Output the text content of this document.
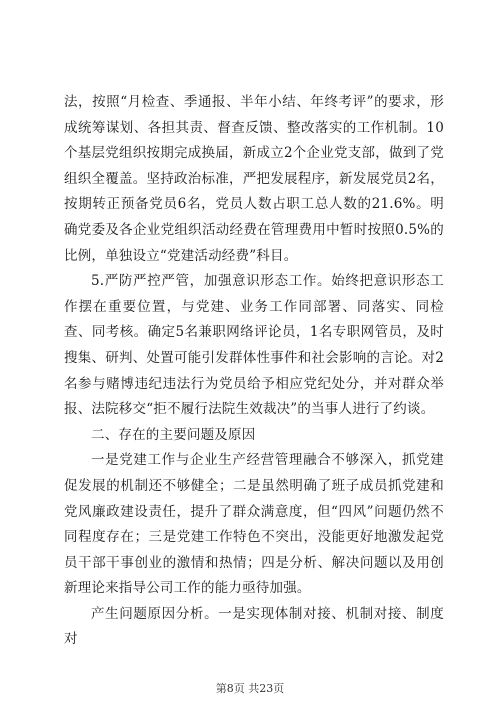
法，按照“月检查、季通报、半年小结、年终考评”的要求，形成统筹谋划、各担其责、督查反馈、整改落实的工作机制。10个基层党组织按期完成换届，新成立2个企业党支部，做到了党组织全覆盖。坚持政治标准，严把发展程序，新发展党员2名，按期转正预备党员6名，党员人数占职工总人数的21.6%。明确党委及各企业党组织活动经费在管理费用中暂时按照0.5%的比例，单独设立“党建活动经费”科目。

5.严防严控严管，加强意识形态工作。始终把意识形态工作摆在重要位置，与党建、业务工作同部署、同落实、同检查、同考核。确定5名兼职网络评论员，1名专职网管员，及时搜集、研判、处置可能引发群体性事件和社会影响的言论。对2名参与赌博违纪违法行为党员给予相应党纪处分，并对群众举报、法院移交“拒不履行法院生效裁决”的当事人进行了约谈。

二、存在的主要问题及原因

一是党建工作与企业生产经营管理融合不够深入，抓党建促发展的机制还不够健全；二是虽然明确了班子成员抓党建和党风廉政建设责任，提升了群众满意度，但“四风”问题仍然不同程度存在；三是党建工作特色不突出，没能更好地激发起党员干部干事创业的激情和热情；四是分析、解决问题以及用创新理论来指导公司工作的能力亟待加强。

产生问题原因分析。一是实现体制对接、机制对接、制度对

第8页 共23页
